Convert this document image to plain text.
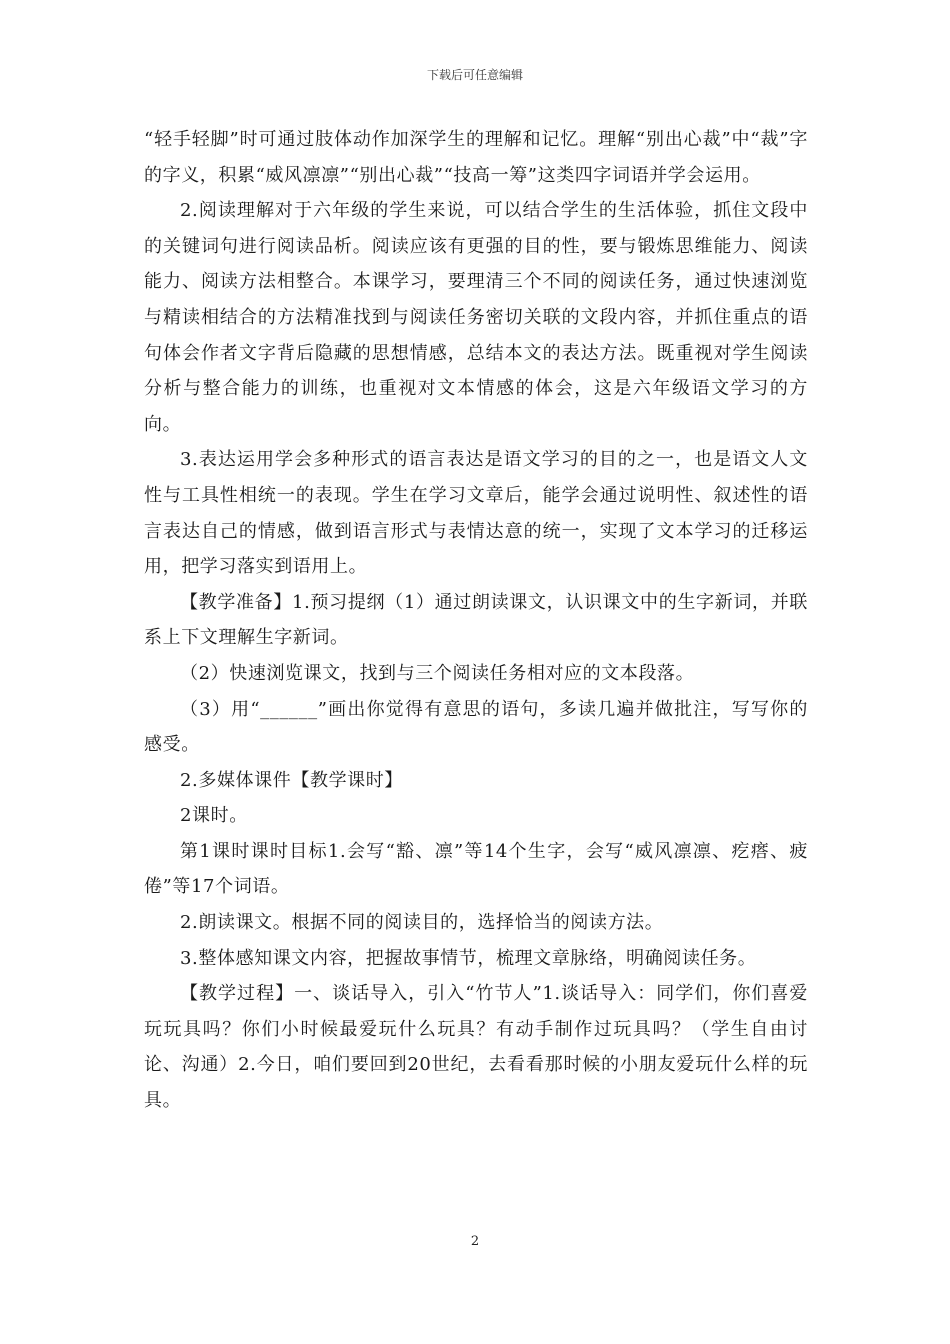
下载后可任意编辑

“轻手轻脚”时可通过肢体动作加深学生的理解和记忆。理解“别出心裁”中“裁”字的字义，积累“威风凛凛”“别出心裁”“技高一筹”这类四字词语并学会运用。

2.阅读理解对于六年级的学生来说，可以结合学生的生活体验，抓住文段中的关键词句进行阅读品析。阅读应该有更强的目的性，要与锻炼思维能力、阅读能力、阅读方法相整合。本课学习，要理清三个不同的阅读任务，通过快速浏览与精读相结合的方法精准找到与阅读任务密切关联的文段内容，并抓住重点的语句体会作者文字背后隐藏的思想情感，总结本文的表达方法。既重视对学生阅读分析与整合能力的训练，也重视对文本情感的体会，这是六年级语文学习的方向。

3.表达运用学会多种形式的语言表达是语文学习的目的之一，也是语文人文性与工具性相统一的表现。学生在学习文章后，能学会通过说明性、叙述性的语言表达自己的情感，做到语言形式与表情达意的统一，实现了文本学习的迁移运用，把学习落实到语用上。

【教学准备】1.预习提纲（1）通过朗读课文，认识课文中的生字新词，并联系上下文理解生字新词。

（2）快速浏览课文，找到与三个阅读任务相对应的文本段落。

（3）用“______”画出你觉得有意思的语句，多读几遍并做批注，写写你的感受。

2.多媒体课件【教学课时】

2课时。

第1课时课时目标1.会写“豁、凛”等14个生字，会写“威风凛凛、疙瘩、疲倦”等17个词语。

2.朗读课文。根据不同的阅读目的，选择恰当的阅读方法。

3.整体感知课文内容，把握故事情节，梳理文章脉络，明确阅读任务。

【教学过程】一、谈话导入，引入“竹节人”1.谈话导入：同学们，你们喜爱玩玩具吗？你们小时候最爱玩什么玩具？有动手制作过玩具吗？（学生自由讨论、沟通）2.今日，咱们要回到20世纪，去看看那时候的小朋友爱玩什么样的玩具。

2
